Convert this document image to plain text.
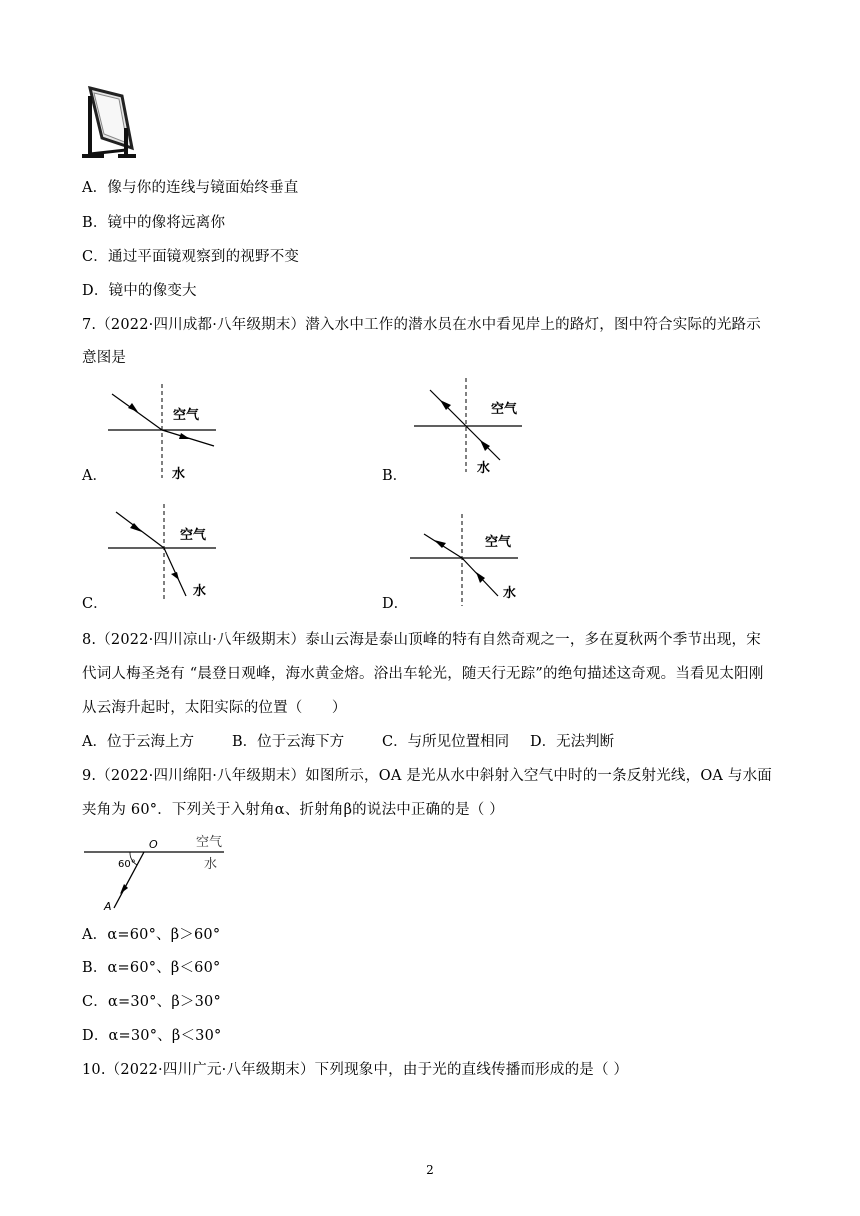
A．像与你的连线与镜面始终垂直
B．镜中的像将远离你
C．通过平面镜观察到的视野不变
D．镜中的像变大
7.（2022·四川成都·八年级期末）潜入水中工作的潜水员在水中看见岸上的路灯，图中符合实际的光路示
意图是
空气
水
A．
空气
水
B．
空气
水
C．
空气
水
D．
8.（2022·四川凉山·八年级期末）泰山云海是泰山顶峰的特有自然奇观之一，多在夏秋两个季节出现，宋
代词人梅圣尧有 “晨登日观峰，海水黄金熔。浴出车轮光，随天行无踪”的绝句描述这奇观。当看见太阳刚
从云海升起时，太阳实际的位置（　　）
A．位于云海上方	B．位于云海下方	C．与所见位置相同 D．无法判断
9.（2022·四川绵阳·八年级期末）如图所示，OA 是光从水中斜射入空气中时的一条反射光线，OA 与水面
夹角为 60°．下列关于入射角α、折射角β的说法中正确的是（ ）
O
60°
A
空气
水
A．α=60°、β＞60°
B．α=60°、β＜60°
C．α=30°、β＞30°
D．α=30°、β＜30°
10.（2022·四川广元·八年级期末）下列现象中，由于光的直线传播而形成的是（ ）
2
